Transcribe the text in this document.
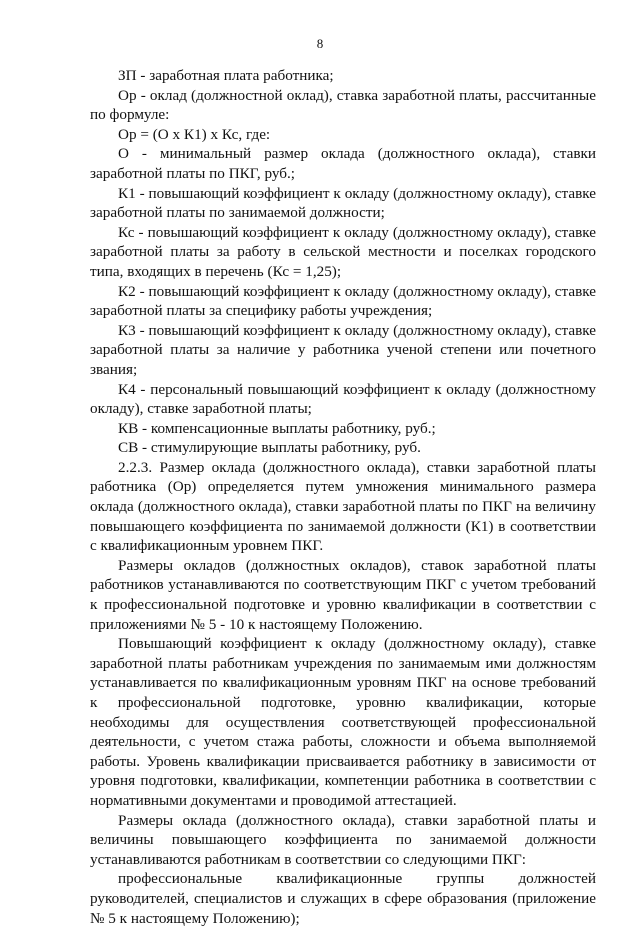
8

ЗП - заработная плата работника;

Ор - оклад (должностной оклад), ставка заработной платы, рассчитанные по формуле:

Ор = (О x К1) x Кс, где:

О - минимальный размер оклада (должностного оклада), ставки заработной платы по ПКГ, руб.;

К1 - повышающий коэффициент к окладу (должностному окладу), ставке заработной платы по занимаемой должности;

Кс - повышающий коэффициент к окладу (должностному окладу), ставке заработной платы за работу в сельской местности и поселках городского типа, входящих в перечень (Кс = 1,25);

К2 - повышающий коэффициент к окладу (должностному окладу), ставке заработной платы за специфику работы учреждения;

К3 - повышающий коэффициент к окладу (должностному окладу), ставке заработной платы за наличие у работника ученой степени или почетного звания;

К4 - персональный повышающий коэффициент к окладу (должностному окладу), ставке заработной платы;

КВ - компенсационные выплаты работнику, руб.;

СВ - стимулирующие выплаты работнику, руб.

2.2.3. Размер оклада (должностного оклада), ставки заработной платы работника (Ор) определяется путем умножения минимального размера оклада (должностного оклада), ставки заработной платы по ПКГ на величину повышающего коэффициента по занимаемой должности (К1) в соответствии с квалификационным уровнем ПКГ.

Размеры окладов (должностных окладов), ставок заработной платы работников устанавливаются по соответствующим ПКГ с учетом требований к профессиональной подготовке и уровню квалификации в соответствии с приложениями № 5 - 10 к настоящему Положению.

Повышающий коэффициент к окладу (должностному окладу), ставке заработной платы работникам учреждения по занимаемым ими должностям устанавливается по квалификационным уровням ПКГ на основе требований к профессиональной подготовке, уровню квалификации, которые необходимы для осуществления соответствующей профессиональной деятельности, с учетом стажа работы, сложности и объема выполняемой работы. Уровень квалификации присваивается работнику в зависимости от уровня подготовки, квалификации, компетенции работника в соответствии с нормативными документами и проводимой аттестацией.

Размеры оклада (должностного оклада), ставки заработной платы и величины повышающего коэффициента по занимаемой должности устанавливаются работникам в соответствии со следующими ПКГ:

профессиональные квалификационные группы должностей руководителей, специалистов и служащих в сфере образования (приложение № 5 к настоящему Положению);
